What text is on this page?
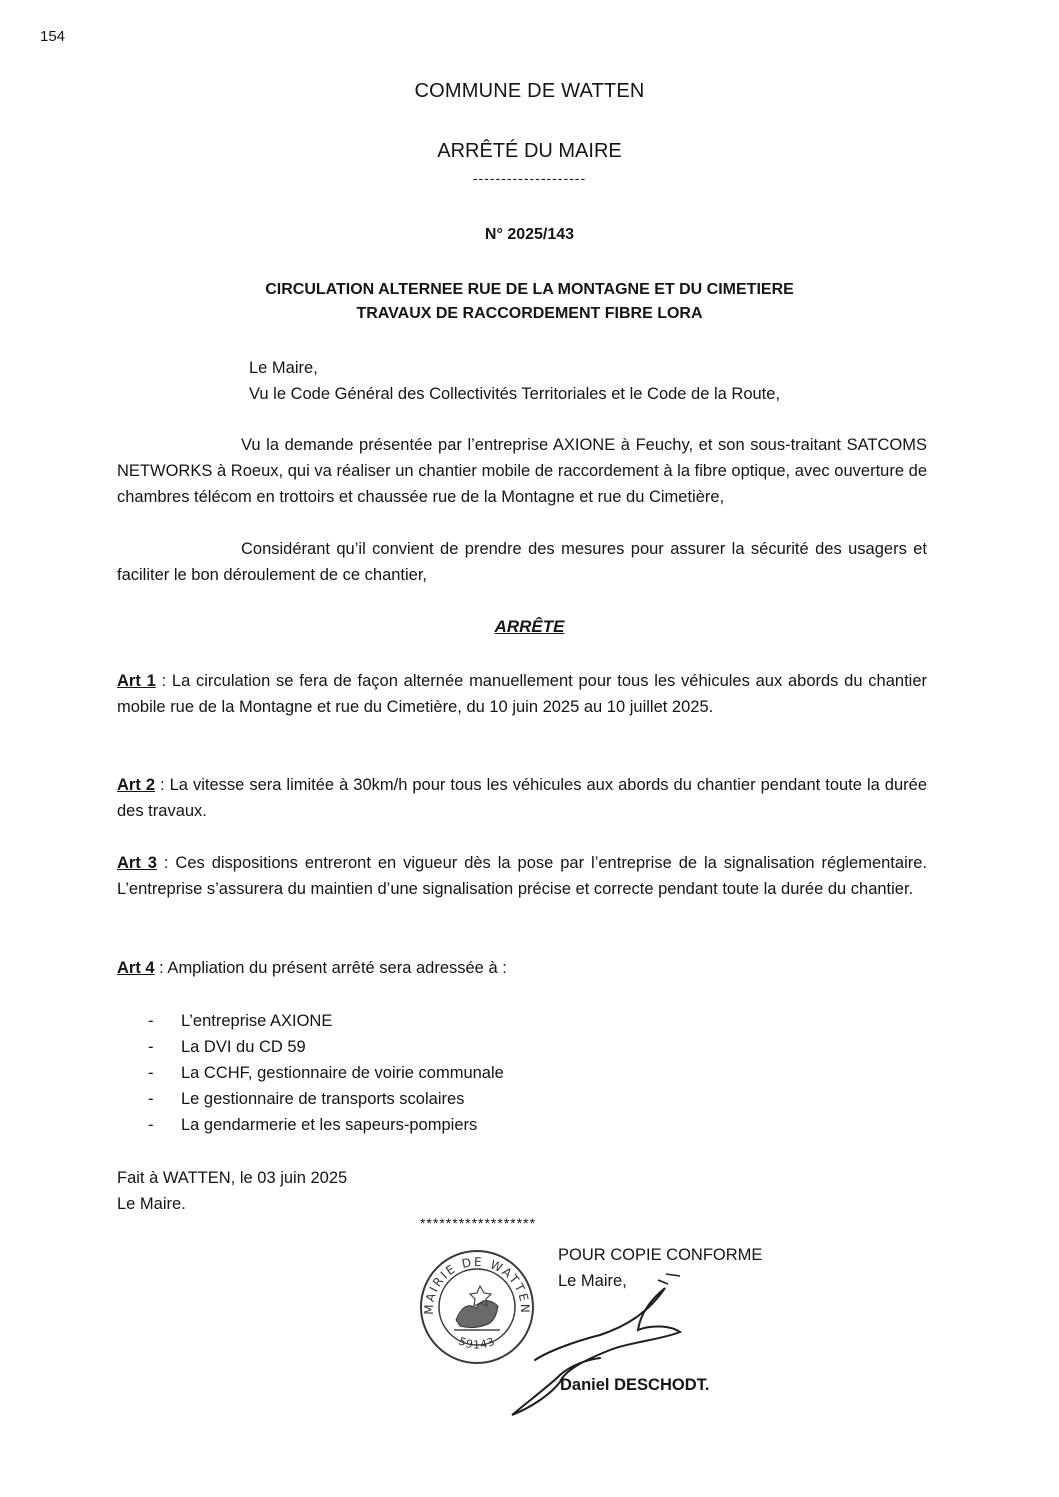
154
COMMUNE DE WATTEN
ARRÊTÉ DU MAIRE
--------------------
N° 2025/143
CIRCULATION ALTERNEE RUE DE LA MONTAGNE ET DU CIMETIERE
TRAVAUX DE RACCORDEMENT FIBRE LORA
Le Maire,
Vu le Code Général des Collectivités Territoriales et le Code de la Route,
Vu la demande présentée par l’entreprise AXIONE à Feuchy, et son sous-traitant SATCOMS NETWORKS à Roeux, qui va réaliser un chantier mobile de raccordement à la fibre optique, avec ouverture de chambres télécom en trottoirs et chaussée rue de la Montagne et rue du Cimetière,
Considérant qu’il convient de prendre des mesures pour assurer la sécurité des usagers et faciliter le bon déroulement de ce chantier,
ARRÊTE
Art 1 : La circulation se fera de façon alternée manuellement pour tous les véhicules aux abords du chantier mobile rue de la Montagne et rue du Cimetière, du 10 juin 2025 au 10 juillet 2025.
Art 2 : La vitesse sera limitée à 30km/h pour tous les véhicules aux abords du chantier pendant toute la durée des travaux.
Art 3 : Ces dispositions entreront en vigueur dès la pose par l’entreprise de la signalisation réglementaire. L’entreprise s’assurera du maintien d’une signalisation précise et correcte pendant toute la durée du chantier.
Art 4 : Ampliation du présent arrêté sera adressée à :
- L’entreprise AXIONE
- La DVI du CD 59
- La CCHF, gestionnaire de voirie communale
- Le gestionnaire de transports scolaires
- La gendarmerie et les sapeurs-pompiers
Fait à WATTEN, le 03 juin 2025
Le Maire.
******************
POUR COPIE CONFORME
Le Maire,
MAIRIE DE WATTEN
59143
Daniel DESCHODT.
